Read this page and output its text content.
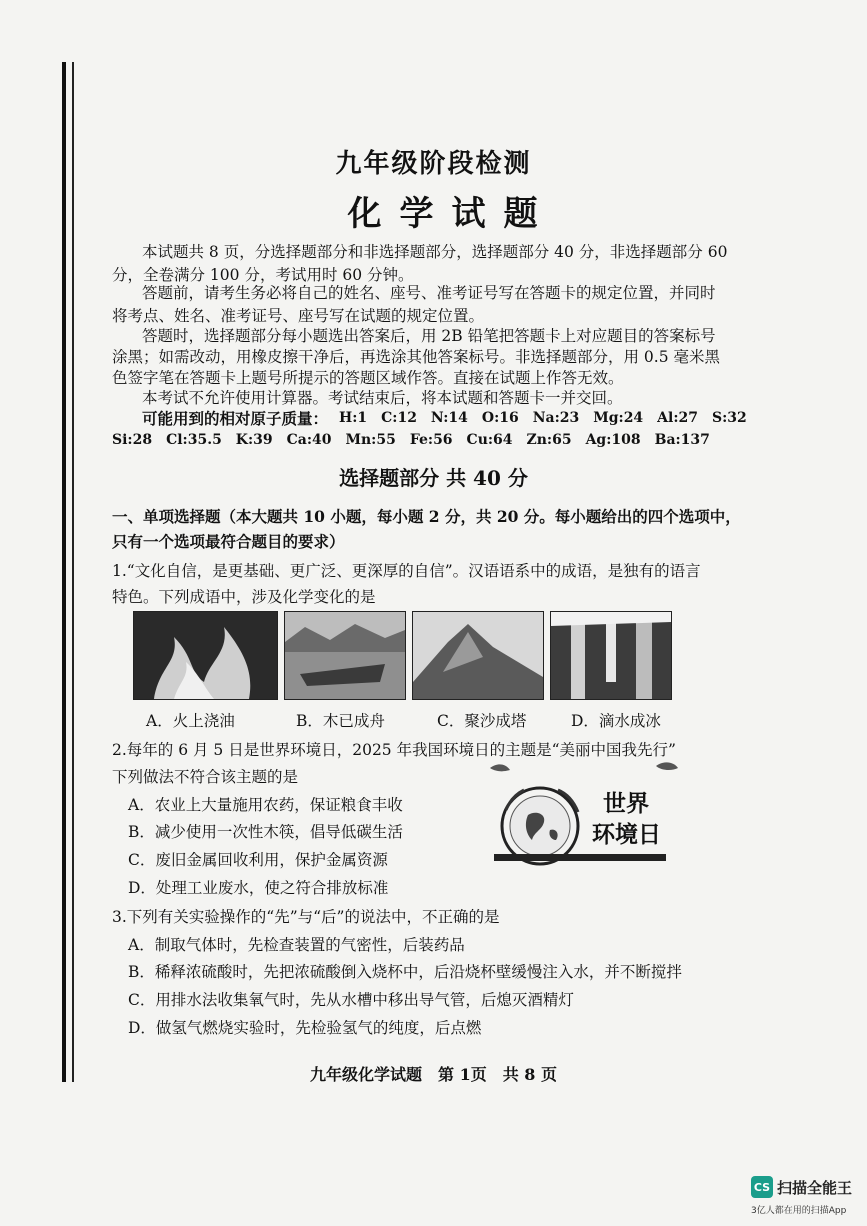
九年级阶段检测
化学试题
本试题共 8 页，分选择题部分和非选择题部分，选择题部分 40 分，非选择题部分 60
分，全卷满分 100 分，考试用时 60 分钟。
答题前，请考生务必将自己的姓名、座号、准考证号写在答题卡的规定位置，并同时
将考点、姓名、准考证号、座号写在试题的规定位置。
答题时，选择题部分每小题选出答案后，用 2B 铅笔把答题卡上对应题目的答案标号
涂黑；如需改动，用橡皮擦干净后，再选涂其他答案标号。非选择题部分，用 0.5 毫米黑
色签字笔在答题卡上题号所提示的答题区域作答。直接在试题上作答无效。
本考试不允许使用计算器。考试结束后，将本试题和答题卡一并交回。
可能用到的相对原子质量： H:1　C:12　N:14　O:16　Na:23　Mg:24　Al:27　S:32
Si:28　Cl:35.5　K:39　Ca:40　Mn:55　Fe:56　Cu:64　Zn:65　Ag:108　Ba:137
选择题部分 共 40 分
一、单项选择题（本大题共 10 小题，每小题 2 分，共 20 分。每小题给出的四个选项中，
只有一个选项最符合题目的要求）
1.“文化自信，是更基础、更广泛、更深厚的自信”。汉语语系中的成语，是独有的语言
特色。下列成语中，涉及化学变化的是
A．火上浇油	B．木已成舟	C．聚沙成塔	D．滴水成冰
2.每年的 6 月 5 日是世界环境日，2025 年我国环境日的主题是“美丽中国我先行”
下列做法不符合该主题的是
A．农业上大量施用农药，保证粮食丰收
B．减少使用一次性木筷，倡导低碳生活
C．废旧金属回收利用，保护金属资源
D．处理工业废水，使之符合排放标准
世界
环境日
3.下列有关实验操作的“先”与“后”的说法中，不正确的是
A．制取气体时，先检查装置的气密性，后装药品
B．稀释浓硫酸时，先把浓硫酸倒入烧杯中，后沿烧杯壁缓慢注入水，并不断搅拌
C．用排水法收集氧气时，先从水槽中移出导气管，后熄灭酒精灯
D．做氢气燃烧实验时，先检验氢气的纯度，后点燃
九年级化学试题　第 1页　共 8 页
CS 扫描全能王
3亿人都在用的扫描App
